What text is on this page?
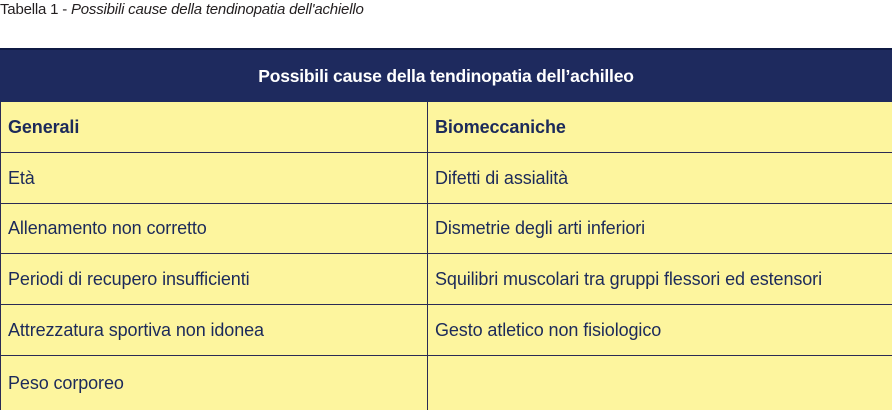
Tabella 1 - Possibili cause della tendinopatia dell'achiello
Possibili cause della tendinopatia dell’achilleo
Generali	Biomeccaniche
Età	Difetti di assialità
Allenamento non corretto	Dismetrie degli arti inferiori
Periodi di recupero insufficienti	Squilibri muscolari tra gruppi flessori ed estensori
Attrezzatura sportiva non idonea	Gesto atletico non fisiologico
Peso corporeo
